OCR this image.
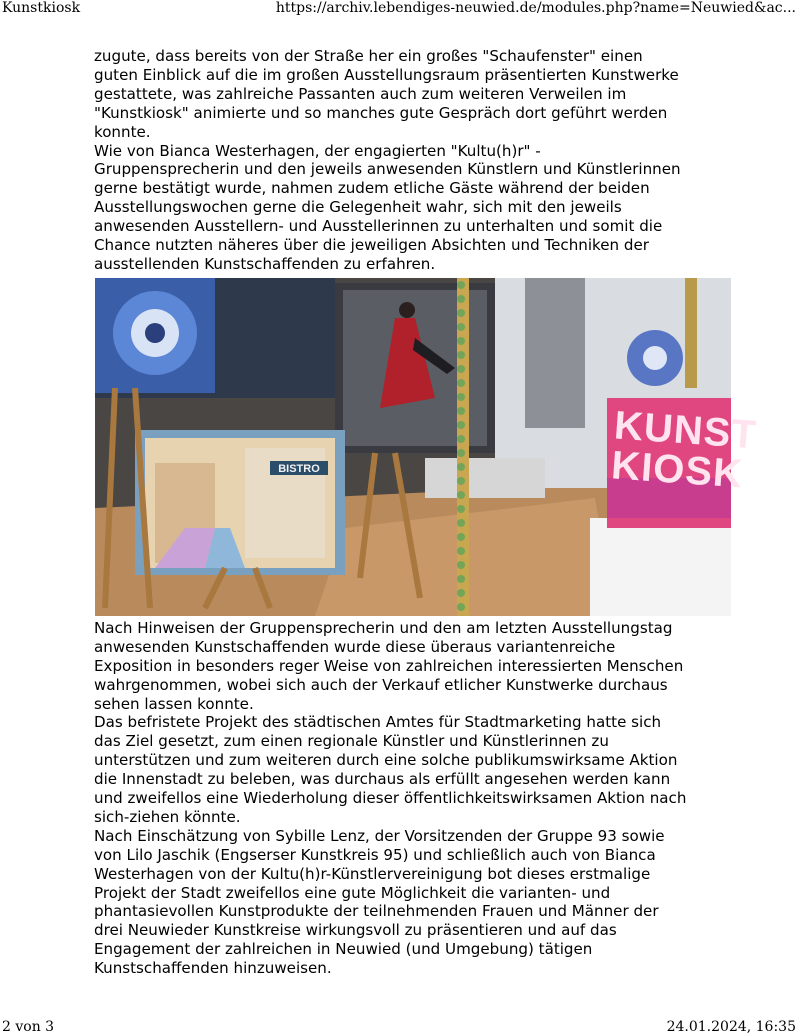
Kunstkiosk	https://archiv.lebendiges-neuwied.de/modules.php?name=Neuwied&ac...

zugute, dass bereits von der Straße her ein großes "Schaufenster" einen
guten Einblick auf die im großen Ausstellungsraum präsentierten Kunstwerke
gestattete, was zahlreiche Passanten auch zum weiteren Verweilen im
"Kunstkiosk" animierte und so manches gute Gespräch dort geführt werden
konnte.

Wie von Bianca Westerhagen, der engagierten "Kultu(h)r" -
Gruppensprecherin und den jeweils anwesenden Künstlern und Künstlerinnen
gerne bestätigt wurde, nahmen zudem etliche Gäste während der beiden
Ausstellungswochen gerne die Gelegenheit wahr, sich mit den jeweils
anwesenden Ausstellern- und Ausstellerinnen zu unterhalten und somit die
Chance nutzten näheres über die jeweiligen Absichten und Techniken der
ausstellenden Kunstschaffenden zu erfahren.

BISTRO
KUNST
KIOSK

Nach Hinweisen der Gruppensprecherin und den am letzten Ausstellungstag
anwesenden Kunstschaffenden wurde diese überaus variantenreiche
Exposition in besonders reger Weise von zahlreichen interessierten Menschen
wahrgenommen, wobei sich auch der Verkauf etlicher Kunstwerke durchaus
sehen lassen konnte.

Das befristete Projekt des städtischen Amtes für Stadtmarketing hatte sich
das Ziel gesetzt, zum einen regionale Künstler und Künstlerinnen zu
unterstützen und zum weiteren durch eine solche publikumswirksame Aktion
die Innenstadt zu beleben, was durchaus als erfüllt angesehen werden kann
und zweifellos eine Wiederholung dieser öffentlichkeitswirksamen Aktion nach
sich-ziehen könnte.

Nach Einschätzung von Sybille Lenz, der Vorsitzenden der Gruppe 93 sowie
von Lilo Jaschik (Engserser Kunstkreis 95) und schließlich auch von Bianca
Westerhagen von der Kultu(h)r-Künstlervereinigung bot dieses erstmalige
Projekt der Stadt zweifellos eine gute Möglichkeit die varianten- und
phantasievollen Kunstprodukte der teilnehmenden Frauen und Männer der
drei Neuwieder Kunstkreise wirkungsvoll zu präsentieren und auf das
Engagement der zahlreichen in Neuwied (und Umgebung) tätigen
Kunstschaffenden hinzuweisen.

2 von 3	24.01.2024, 16:35
